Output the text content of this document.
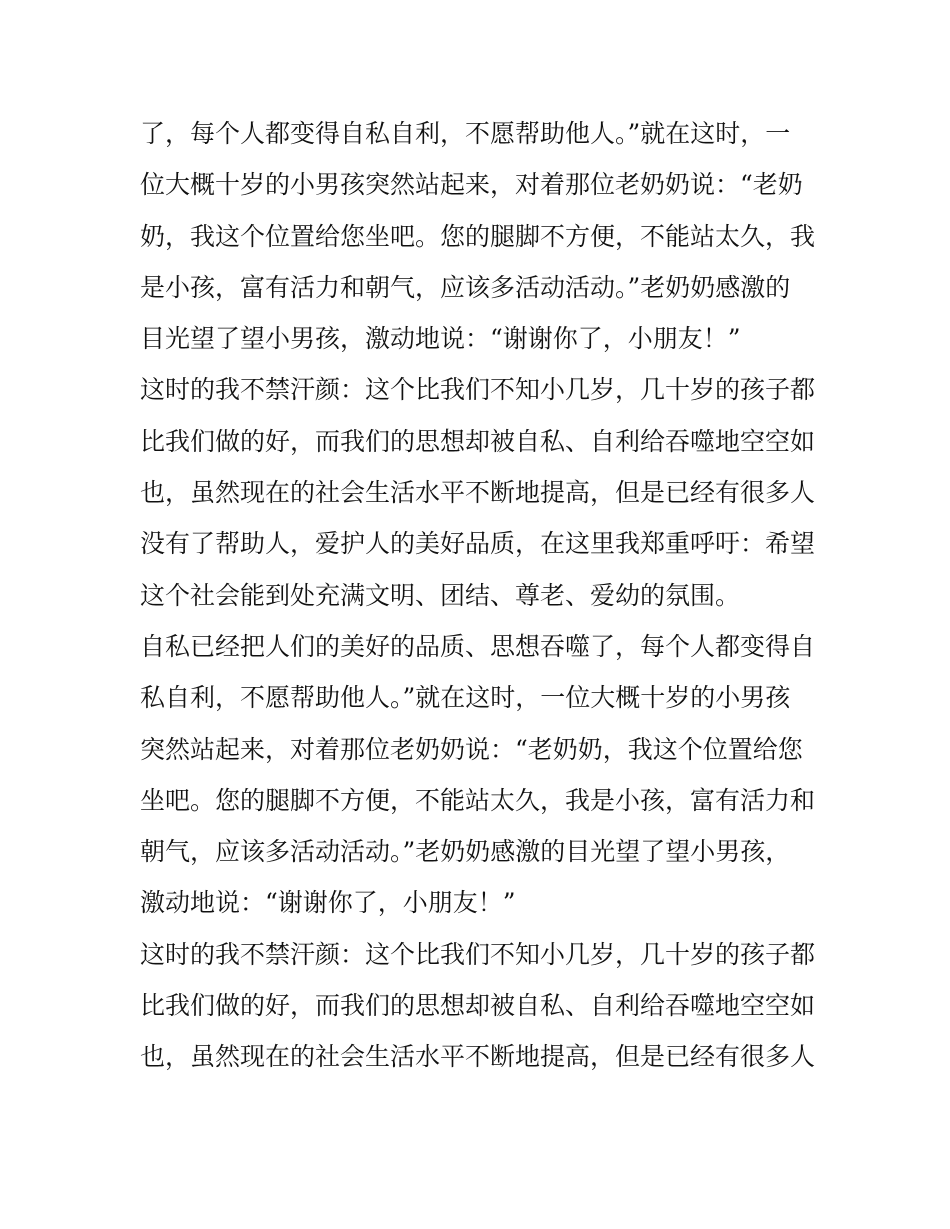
了，每个人都变得自私自利，不愿帮助他人。”就在这时，一
位大概十岁的小男孩突然站起来，对着那位老奶奶说：“老奶
奶，我这个位置给您坐吧。您的腿脚不方便，不能站太久，我
是小孩，富有活力和朝气，应该多活动活动。”老奶奶感激的
目光望了望小男孩，激动地说：“谢谢你了，小朋友！”
这时的我不禁汗颜：这个比我们不知小几岁，几十岁的孩子都
比我们做的好，而我们的思想却被自私、自利给吞噬地空空如
也，虽然现在的社会生活水平不断地提高，但是已经有很多人
没有了帮助人，爱护人的美好品质，在这里我郑重呼吁：希望
这个社会能到处充满文明、团结、尊老、爱幼的氛围。
自私已经把人们的美好的品质、思想吞噬了，每个人都变得自
私自利，不愿帮助他人。”就在这时，一位大概十岁的小男孩
突然站起来，对着那位老奶奶说：“老奶奶，我这个位置给您
坐吧。您的腿脚不方便，不能站太久，我是小孩，富有活力和
朝气，应该多活动活动。”老奶奶感激的目光望了望小男孩，
激动地说：“谢谢你了，小朋友！”
这时的我不禁汗颜：这个比我们不知小几岁，几十岁的孩子都
比我们做的好，而我们的思想却被自私、自利给吞噬地空空如
也，虽然现在的社会生活水平不断地提高，但是已经有很多人
